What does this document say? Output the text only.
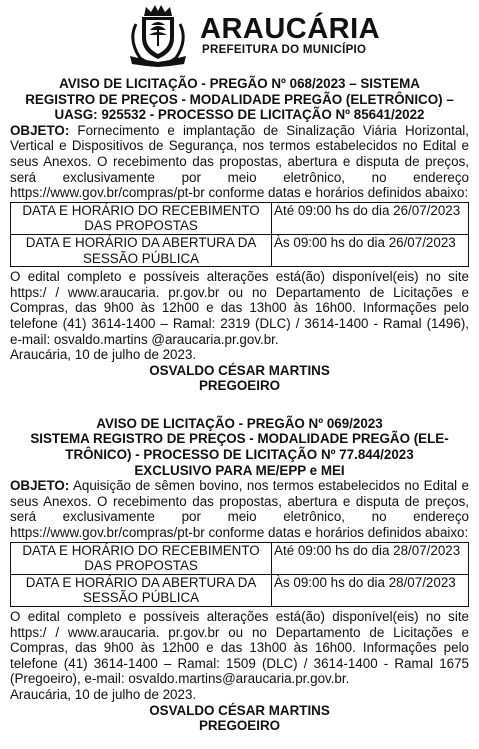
ARAUCÁRIA
PREFEITURA DO MUNICÍPIO
AVISO DE LICITAÇÃO - PREGÃO Nº 068/2023 – SISTEMA
REGISTRO DE PREÇOS - MODALIDADE PREGÃO (ELETRÔNICO) –
UASG: 925532 - PROCESSO DE LICITAÇÃO Nº 85641/2022
OBJETO: Fornecimento e implantação de Sinalização Viária Horizontal, Vertical e Dispositivos de Segurança, nos termos estabelecidos no Edital e seus Anexos. O recebimento das propostas, abertura e disputa de preços, será exclusivamente por meio eletrônico, no endereço https://www.gov.br/compras/pt-br conforme datas e horários definidos abaixo:
DATA E HORÁRIO DO RECEBIMENTO DAS PROPOSTAS	Até 09:00 hs do dia 26/07/2023
DATA E HORÁRIO DA ABERTURA DA SESSÃO PÚBLICA	Às 09:00 hs do dia 26/07/2023
O edital completo e possíveis alterações está(ão) disponível(eis) no site https:/ / www.araucaria. pr.gov.br ou no Departamento de Licitações e Compras, das 9h00 às 12h00 e das 13h00 às 16h00. Informações pelo telefone (41) 3614-1400 – Ramal: 2319 (DLC) / 3614-1400 - Ramal (1496), e-mail: osvaldo.martins @araucaria.pr.gov.br.
Araucária, 10 de julho de 2023.
OSVALDO CÉSAR MARTINS
PREGOEIRO
AVISO DE LICITAÇÃO - PREGÃO Nº 069/2023
SISTEMA REGISTRO DE PREÇOS - MODALIDADE PREGÃO (ELE-
TRÔNICO) - PROCESSO DE LICITAÇÃO Nº 77.844/2023
EXCLUSIVO PARA ME/EPP e MEI
OBJETO: Aquisição de sêmen bovino, nos termos estabelecidos no Edital e seus Anexos. O recebimento das propostas, abertura e disputa de preços, será exclusivamente por meio eletrônico, no endereço https://www.gov.br/compras/pt-br conforme datas e horários definidos abaixo:
DATA E HORÁRIO DO RECEBIMENTO DAS PROPOSTAS	Até 09:00 hs do dia 28/07/2023
DATA E HORÁRIO DA ABERTURA DA SESSÃO PÚBLICA	Às 09:00 hs do dia 28/07/2023
O edital completo e possíveis alterações está(ão) disponível(eis) no site https:/ / www.araucaria. pr.gov.br ou no Departamento de Licitações e Compras, das 9h00 às 12h00 e das 13h00 às 16h00. Informações pelo telefone (41) 3614-1400 – Ramal: 1509 (DLC) / 3614-1400 - Ramal 1675 (Pregoeiro), e-mail: osvaldo.martins@araucaria.pr.gov.br.
Araucária, 10 de julho de 2023.
OSVALDO CÉSAR MARTINS
PREGOEIRO
